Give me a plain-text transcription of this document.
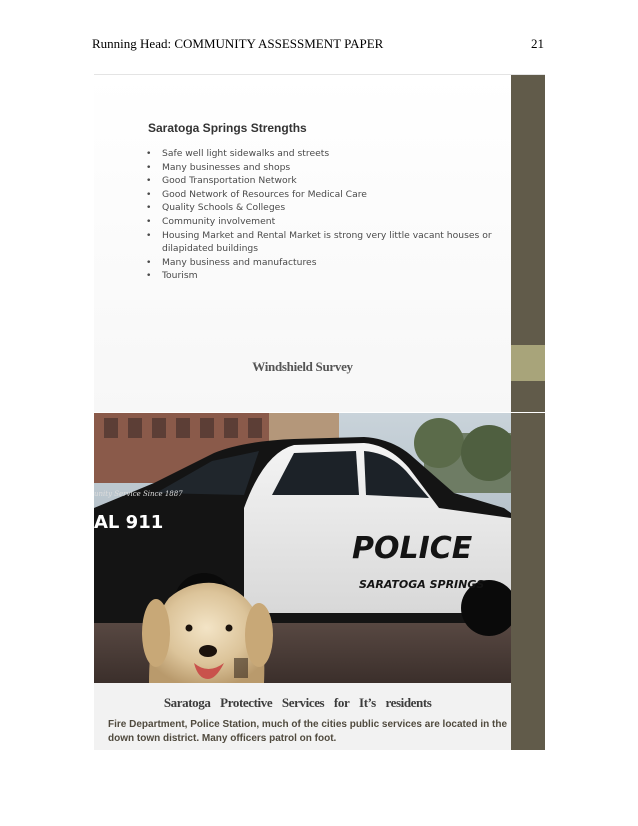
Running Head: COMMUNITY ASSESSMENT PAPER	21
Saratoga Springs Strengths
• Safe well light sidewalks and streets
• Many businesses and shops
• Good Transportation Network
• Good Network of Resources for Medical Care
• Quality Schools & Colleges
• Community involvement
• Housing Market and Rental Market is strong very little vacant houses or dilapidated buildings
• Many business and manufactures
• Tourism
Windshield Survey
POLICE
SARATOGA SPRINGS
AL 911
unity Service Since 1887
Saratoga Protective Services for It’s residents 
Fire Department, Police Station, much of the cities public services are located in the down town district. Many officers patrol on foot.
